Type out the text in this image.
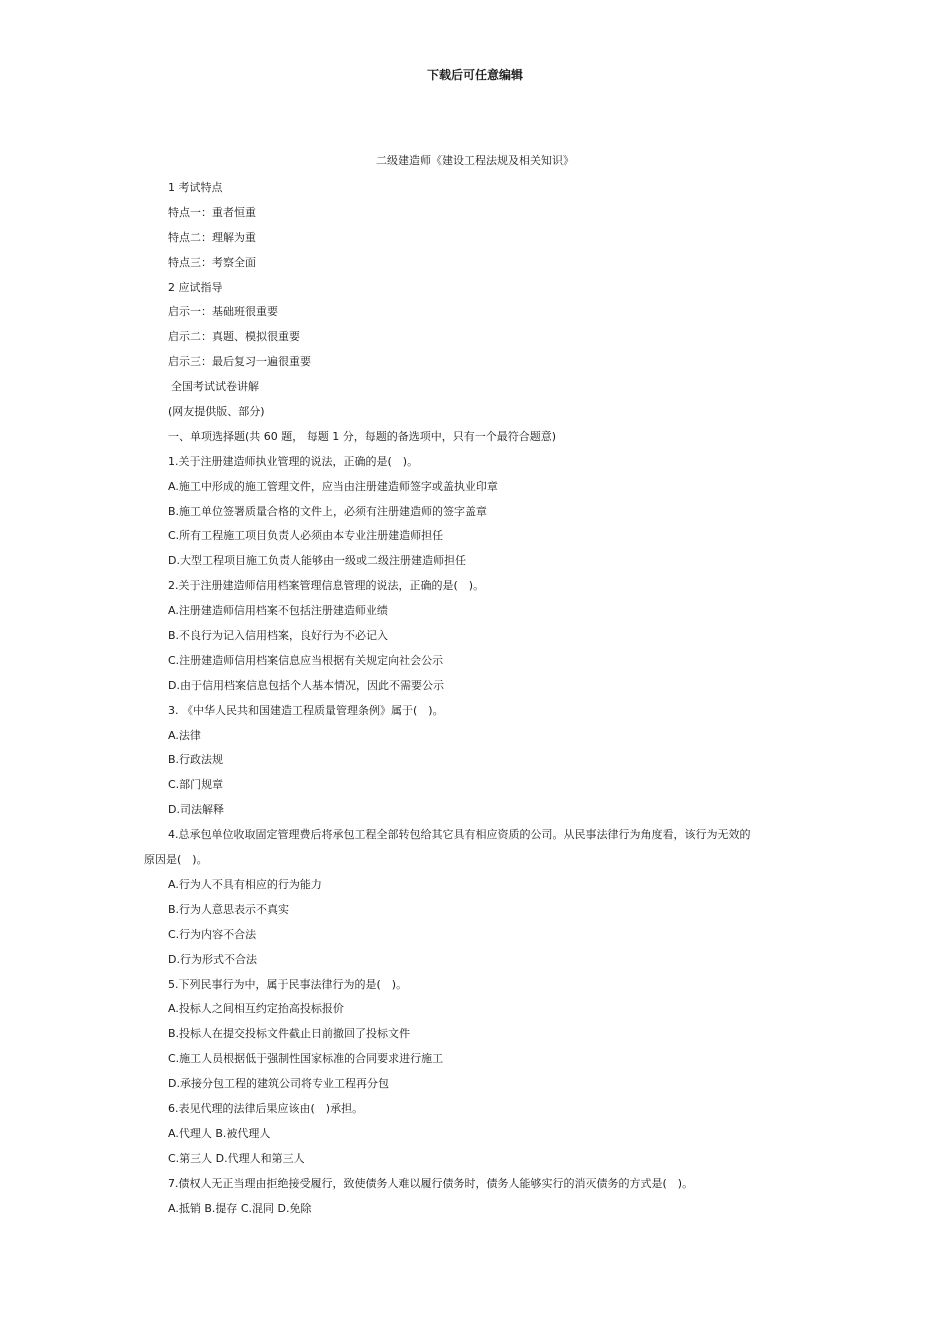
下载后可任意编辑
二级建造师《建设工程法规及相关知识》
1 考试特点
特点一：重者恒重
特点二：理解为重
特点三：考察全面
2 应试指导
启示一：基础班很重要
启示二：真题、模拟很重要
启示三：最后复习一遍很重要
全国考试试卷讲解
(网友提供版、部分)
一、单项选择题(共 60 题， 每题 1 分，每题的备选项中，只有一个最符合题意)
1.关于注册建造师执业管理的说法，正确的是(　)。
A.施工中形成的施工管理文件，应当由注册建造师签字或盖执业印章
B.施工单位签署质量合格的文件上，必须有注册建造师的签字盖章
C.所有工程施工项目负责人必须由本专业注册建造师担任
D.大型工程项目施工负责人能够由一级或二级注册建造师担任
2.关于注册建造师信用档案管理信息管理的说法，正确的是(　)。
A.注册建造师信用档案不包括注册建造师业绩
B.不良行为记入信用档案，良好行为不必记入
C.注册建造师信用档案信息应当根据有关规定向社会公示
D.由于信用档案信息包括个人基本情况，因此不需要公示
3. 《中华人民共和国建造工程质量管理条例》属于(　)。
A.法律
B.行政法规
C.部门规章
D.司法解释
4.总承包单位收取固定管理费后将承包工程全部转包给其它具有相应资质的公司。从民事法律行为角度看，该行为无效的
原因是(　)。
A.行为人不具有相应的行为能力
B.行为人意思表示不真实
C.行为内容不合法
D.行为形式不合法
5.下列民事行为中，属于民事法律行为的是(　)。
A.投标人之间相互约定抬高投标报价
B.投标人在提交投标文件截止日前撤回了投标文件
C.施工人员根据低于强制性国家标准的合同要求进行施工
D.承接分包工程的建筑公司将专业工程再分包
6.表见代理的法律后果应该由(　)承担。
A.代理人 B.被代理人
C.第三人 D.代理人和第三人
7.债权人无正当理由拒绝接受履行，致使债务人难以履行债务时，债务人能够实行的消灭债务的方式是(　)。
A.抵销 B.提存 C.混同 D.免除
